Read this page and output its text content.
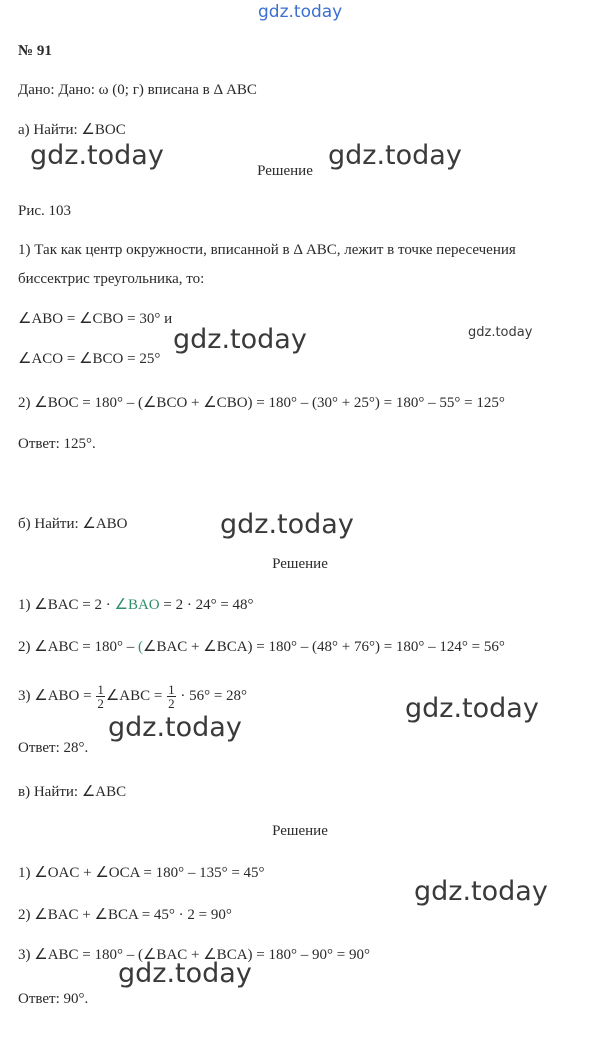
gdz.today
№ 91
Дано: Дано: ω (0; г) вписана в Δ ABC
а) Найти: ∠BOC
Решение
Рис. 103
1) Так как центр окружности, вписанной в Δ ABC, лежит в точке пересечения
биссектрис треугольника, то:
∠ABO = ∠CBO = 30° и
∠ACO = ∠BCO = 25°
2) ∠BOC = 180° – (∠BCO + ∠CBO) = 180° – (30° + 25°) = 180° – 55° = 125°
Ответ: 125°.
б) Найти: ∠ABO
Решение
1) ∠BAC = 2 · ∠BAO = 2 · 24° = 48°
2) ∠ABC = 180° – (∠BAC + ∠BCA) = 180° – (48° + 76°) = 180° – 124° = 56°
3) ∠ABO = $\frac{1}{2}$ ∠ABC = $\frac{1}{2} \cdot 56^\circ = 28^\circ$
Ответ: 28°.
в) Найти: ∠ABC
Решение
1) ∠OAC + ∠OCA = 180° – 135° = 45°
2) ∠BAC + ∠BCA = 45° · 2 = 90°
3) ∠ABC = 180° – (∠BAC + ∠BCA) = 180° – 90° = 90°
Ответ: 90°.
gdz.today	gdz.today
gdz.today
gdz.today
gdz.today
gdz.today
gdz.today
gdz.today
gdz.today
